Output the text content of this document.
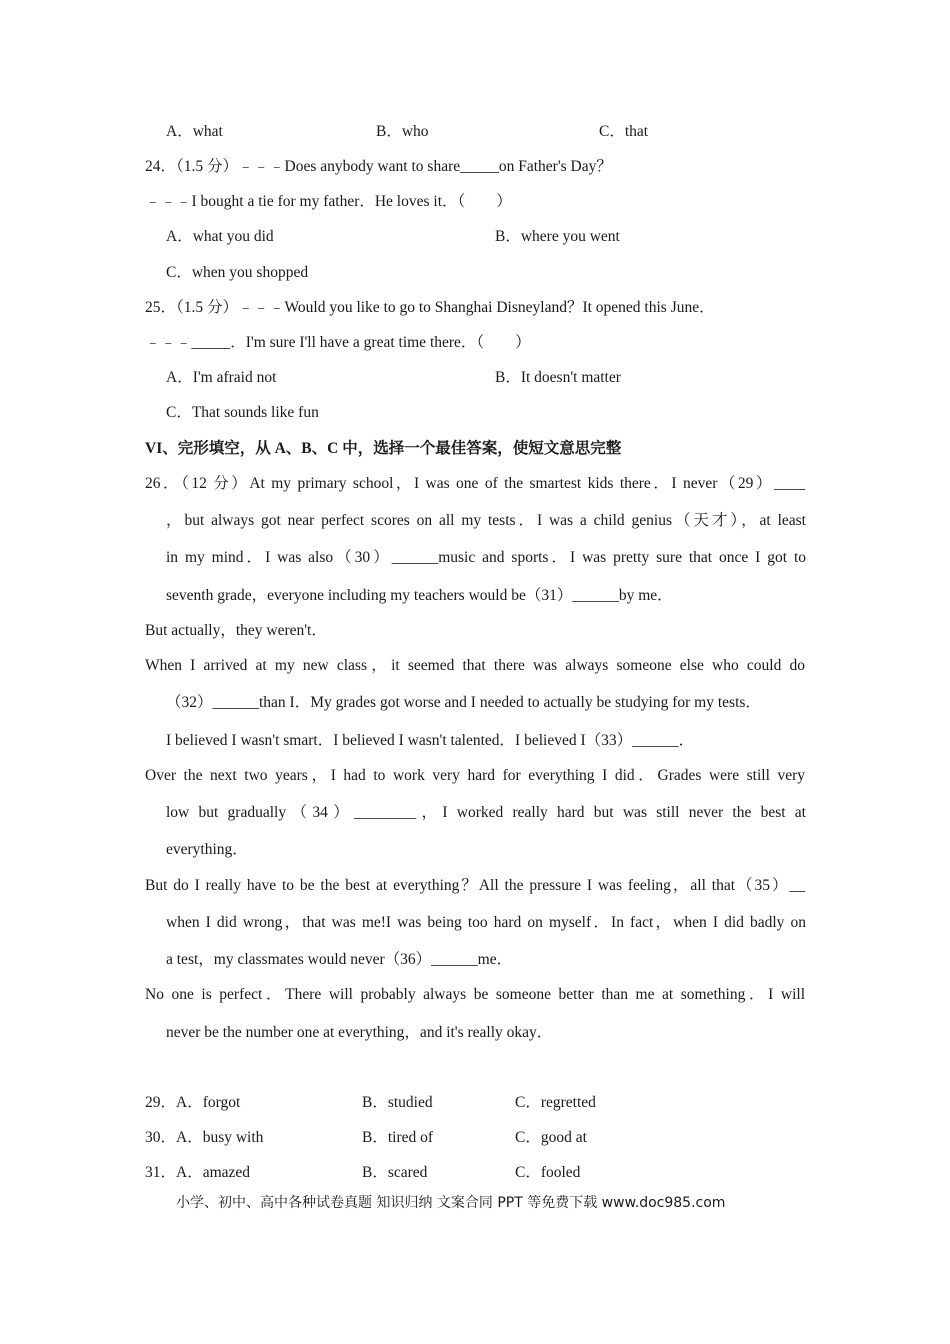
A．what	B．who	C．that
24．（1.5 分）﹣﹣﹣Does anybody want to share_____on Father's Day？
﹣﹣﹣I bought a tie for my father．He loves it．（　　）
A．what you did	B．where you went
C．when you shopped
25．（1.5 分）﹣﹣﹣Would you like to go to Shanghai Disneyland？It opened this June．
﹣﹣﹣_____．I'm sure I'll have a great time there．（　　）
A．I'm afraid not	B．It doesn't matter
C．That sounds like fun
VI、完形填空，从 A、B、C 中，选择一个最佳答案，使短文意思完整
26．（12 分）At my primary school，I was one of the smartest kids there．I never（29）____
，but always got near perfect scores on all my tests．I was a child genius（天才），at least
in my mind．I was also（30）______music and sports．I was pretty sure that once I got to
seventh grade，everyone including my teachers would be（31）______by me．
But actually，they weren't．
When I arrived at my new class，it seemed that there was always someone else who could do
（32）______than I．My grades got worse and I needed to actually be studying for my tests．
I believed I wasn't smart．I believed I wasn't talented．I believed I（33）______．
Over the next two years，I had to work very hard for everything I did．Grades were still very
low but gradually（34）________，I worked really hard but was still never the best at
everything．
But do I really have to be the best at everything？All the pressure I was feeling，all that（35）__
when I did wrong，that was me!I was being too hard on myself．In fact，when I did badly on
a test，my classmates would never（36）______me．
No one is perfect．There will probably always be someone better than me at something．I will
never be the number one at everything，and it's really okay．
29．A．forgot	B．studied	C．regretted
30．A．busy with	B．tired of	C．good at
31．A．amazed	B．scared	C．fooled
小学、初中、高中各种试卷真题 知识归纳 文案合同 PPT 等免费下载 www.doc985.com
